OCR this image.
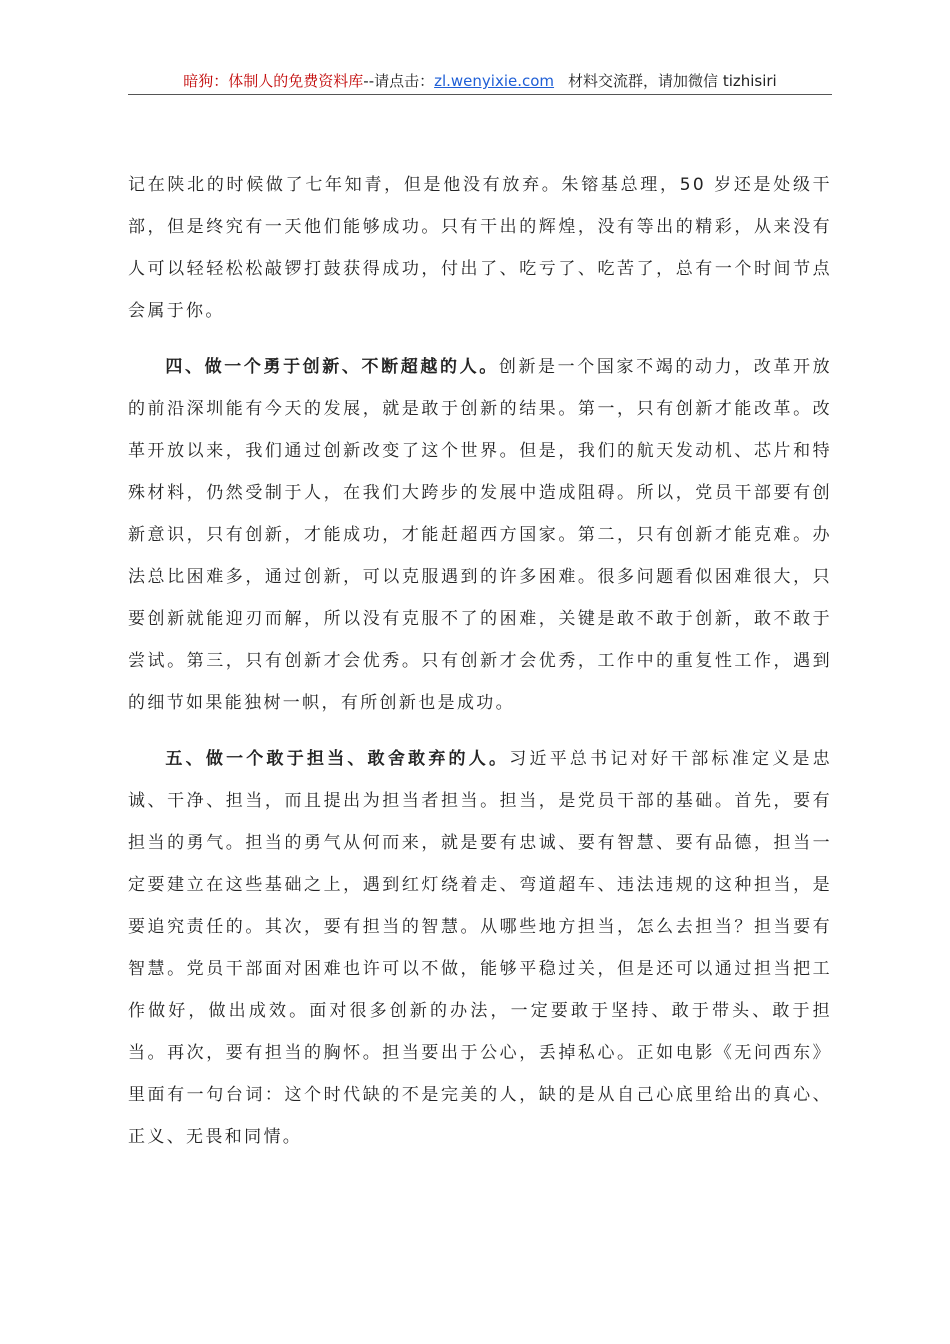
暗狗：体制人的免费资料库--请点击：zl.wenyixie.com 材料交流群，请加微信 tizhisiri

记在陕北的时候做了七年知青，但是他没有放弃。朱镕基总理，50 岁还是处级干部，但是终究有一天他们能够成功。只有干出的辉煌，没有等出的精彩，从来没有人可以轻轻松松敲锣打鼓获得成功，付出了、吃亏了、吃苦了，总有一个时间节点会属于你。

四、做一个勇于创新、不断超越的人。创新是一个国家不竭的动力，改革开放的前沿深圳能有今天的发展，就是敢于创新的结果。第一，只有创新才能改革。改革开放以来，我们通过创新改变了这个世界。但是，我们的航天发动机、芯片和特殊材料，仍然受制于人，在我们大跨步的发展中造成阻碍。所以，党员干部要有创新意识，只有创新，才能成功，才能赶超西方国家。第二，只有创新才能克难。办法总比困难多，通过创新，可以克服遇到的许多困难。很多问题看似困难很大，只要创新就能迎刃而解，所以没有克服不了的困难，关键是敢不敢于创新，敢不敢于尝试。第三，只有创新才会优秀。只有创新才会优秀，工作中的重复性工作，遇到的细节如果能独树一帜，有所创新也是成功。

五、做一个敢于担当、敢舍敢弃的人。习近平总书记对好干部标准定义是忠诚、干净、担当，而且提出为担当者担当。担当，是党员干部的基础。首先，要有担当的勇气。担当的勇气从何而来，就是要有忠诚、要有智慧、要有品德，担当一定要建立在这些基础之上，遇到红灯绕着走、弯道超车、违法违规的这种担当，是要追究责任的。其次，要有担当的智慧。从哪些地方担当，怎么去担当？担当要有智慧。党员干部面对困难也许可以不做，能够平稳过关，但是还可以通过担当把工作做好，做出成效。面对很多创新的办法，一定要敢于坚持、敢于带头、敢于担当。再次，要有担当的胸怀。担当要出于公心，丢掉私心。正如电影《无问西东》里面有一句台词：这个时代缺的不是完美的人，缺的是从自己心底里给出的真心、正义、无畏和同情。
